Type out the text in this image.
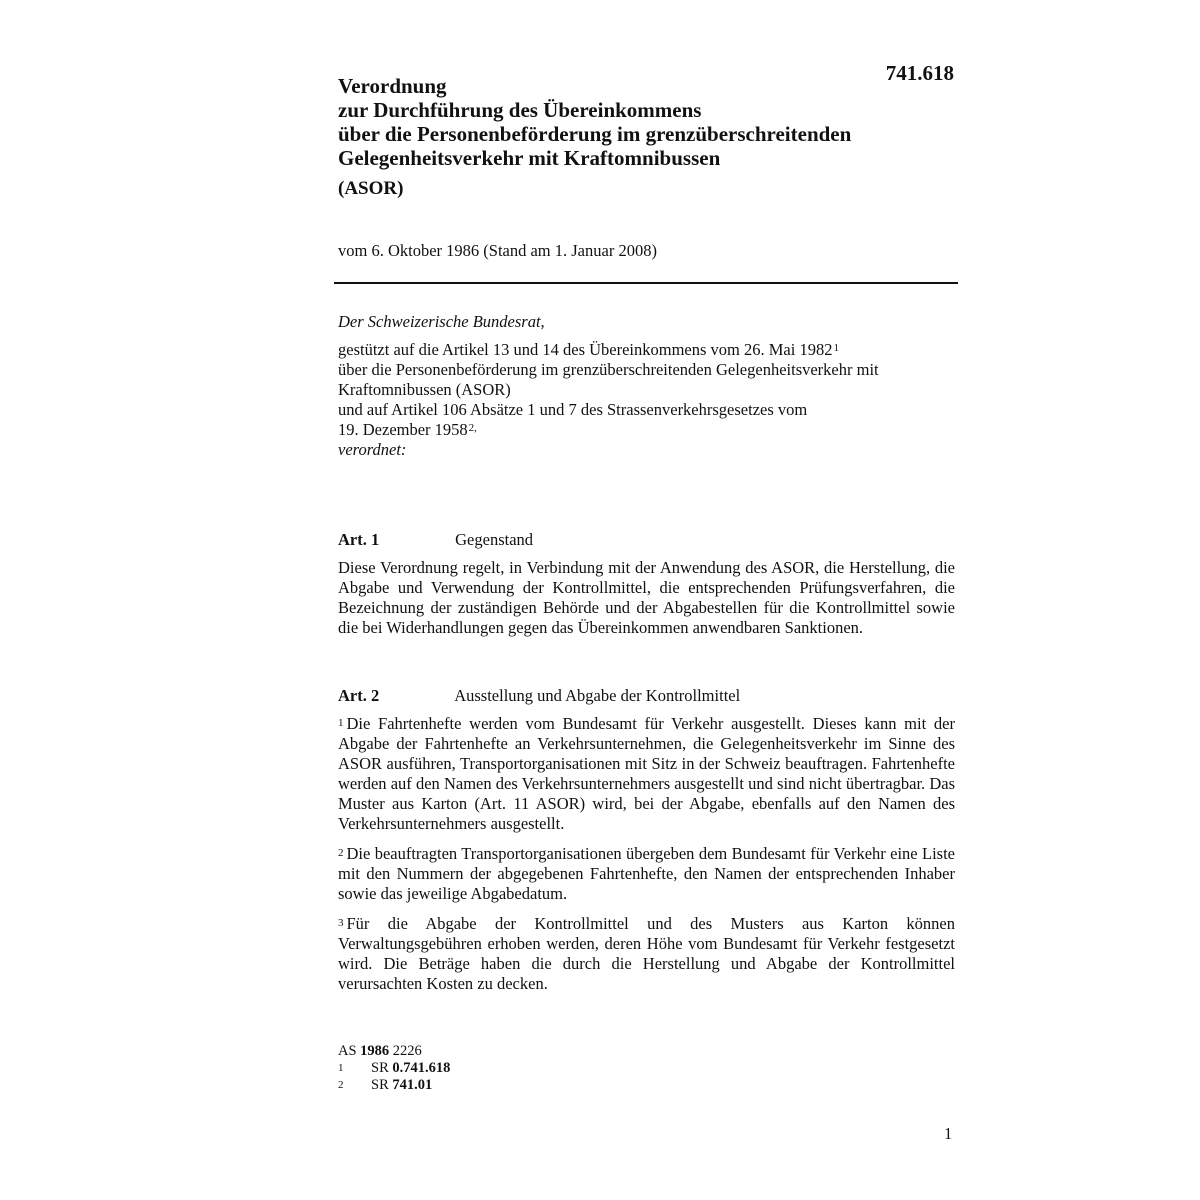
741.618
Verordnung
zur Durchführung des Übereinkommens
über die Personenbeförderung im grenzüberschreitenden
Gelegenheitsverkehr mit Kraftomnibussen
(ASOR)
vom 6. Oktober 1986 (Stand am 1. Januar 2008)
Der Schweizerische Bundesrat,
gestützt auf die Artikel 13 und 14 des Übereinkommens vom 26. Mai 1982$^1$
über die Personenbeförderung im grenzüberschreitenden Gelegenheitsverkehr mit
Kraftomnibussen (ASOR)
und auf Artikel 106 Absätze 1 und 7 des Strassenverkehrsgesetzes vom
19. Dezember 1958$^{2,}$
verordnet:
Art. 1	Gegenstand

Diese Verordnung regelt, in Verbindung mit der Anwendung des ASOR, die Herstellung, die Abgabe und Verwendung der Kontrollmittel, die entsprechenden Prüfungsverfahren, die Bezeichnung der zuständigen Behörde und der Abgabestellen für die Kontrollmittel sowie die bei Widerhandlungen gegen das Übereinkommen anwendbaren Sanktionen.

Art. 2	Ausstellung und Abgabe der Kontrollmittel

$^1$ Die Fahrtenhefte werden vom Bundesamt für Verkehr ausgestellt. Dieses kann mit der Abgabe der Fahrtenhefte an Verkehrsunternehmen, die Gelegenheitsverkehr im Sinne des ASOR ausführen, Transportorganisationen mit Sitz in der Schweiz beauftragen. Fahrtenhefte werden auf den Namen des Verkehrsunternehmers ausgestellt und sind nicht übertragbar. Das Muster aus Karton (Art. 11 ASOR) wird, bei der Abgabe, ebenfalls auf den Namen des Verkehrsunternehmers ausgestellt.

$^2$ Die beauftragten Transportorganisationen übergeben dem Bundesamt für Verkehr eine Liste mit den Nummern der abgegebenen Fahrtenhefte, den Namen der entsprechenden Inhaber sowie das jeweilige Abgabedatum.

$^3$ Für die Abgabe der Kontrollmittel und des Musters aus Karton können Verwaltungsgebühren erhoben werden, deren Höhe vom Bundesamt für Verkehr festgesetzt wird. Die Beträge haben die durch die Herstellung und Abgabe der Kontrollmittel verursachten Kosten zu decken.

AS 1986 2226
1 SR 0.741.618
2 SR 741.01
1
